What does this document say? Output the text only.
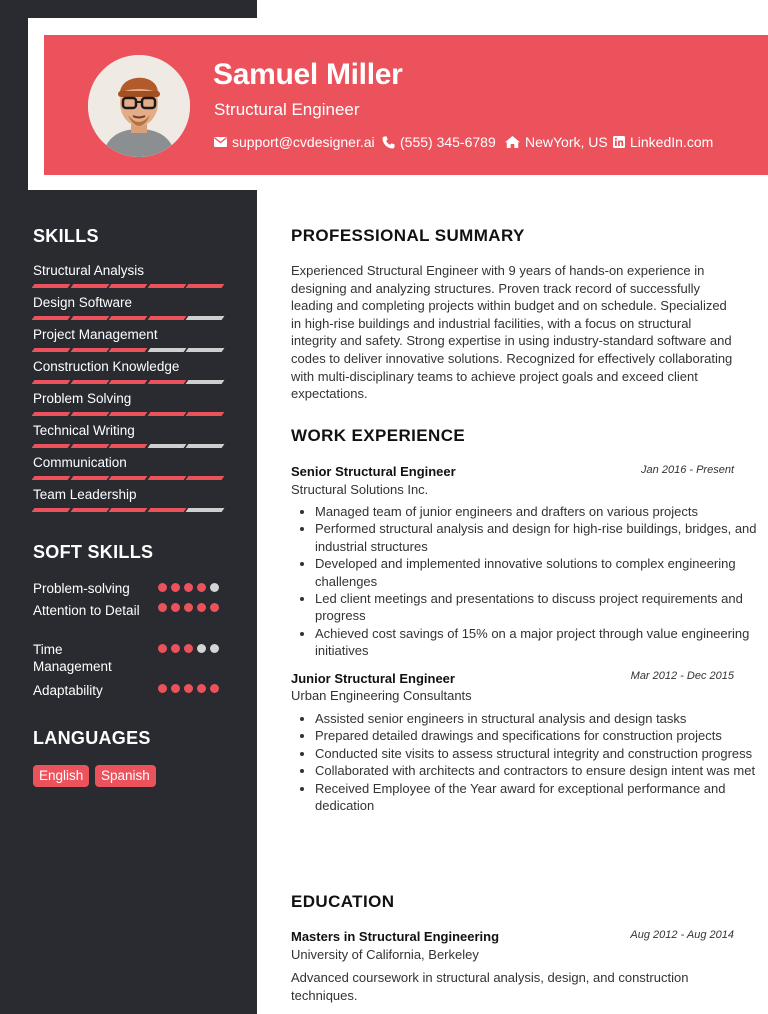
Samuel Miller
Structural Engineer
support@cvdesigner.ai (555) 345-6789 NewYork, US LinkedIn.com
SKILLS
Structural Analysis
Design Software
Project Management
Construction Knowledge
Problem Solving
Technical Writing
Communication
Team Leadership
SOFT SKILLS
Problem-solving
Attention to Detail
Time Management
Adaptability
LANGUAGES
English	Spanish
PROFESSIONAL SUMMARY
Experienced Structural Engineer with 9 years of hands-on experience in designing and analyzing structures. Proven track record of successfully leading and completing projects within budget and on schedule. Specialized in high-rise buildings and industrial facilities, with a focus on structural integrity and safety. Strong expertise in using industry-standard software and codes to deliver innovative solutions. Recognized for effectively collaborating with multi-disciplinary teams to achieve project goals and exceed client expectations.
WORK EXPERIENCE
Senior Structural Engineer	Jan 2016 - Present
Structural Solutions Inc.
• Managed team of junior engineers and drafters on various projects
• Performed structural analysis and design for high-rise buildings, bridges, and industrial structures
• Developed and implemented innovative solutions to complex engineering challenges
• Led client meetings and presentations to discuss project requirements and progress
• Achieved cost savings of 15% on a major project through value engineering initiatives
Junior Structural Engineer	Mar 2012 - Dec 2015
Urban Engineering Consultants
• Assisted senior engineers in structural analysis and design tasks
• Prepared detailed drawings and specifications for construction projects
• Conducted site visits to assess structural integrity and construction progress
• Collaborated with architects and contractors to ensure design intent was met
• Received Employee of the Year award for exceptional performance and dedication
EDUCATION
Masters in Structural Engineering	Aug 2012 - Aug 2014
University of California, Berkeley
Advanced coursework in structural analysis, design, and construction techniques.
